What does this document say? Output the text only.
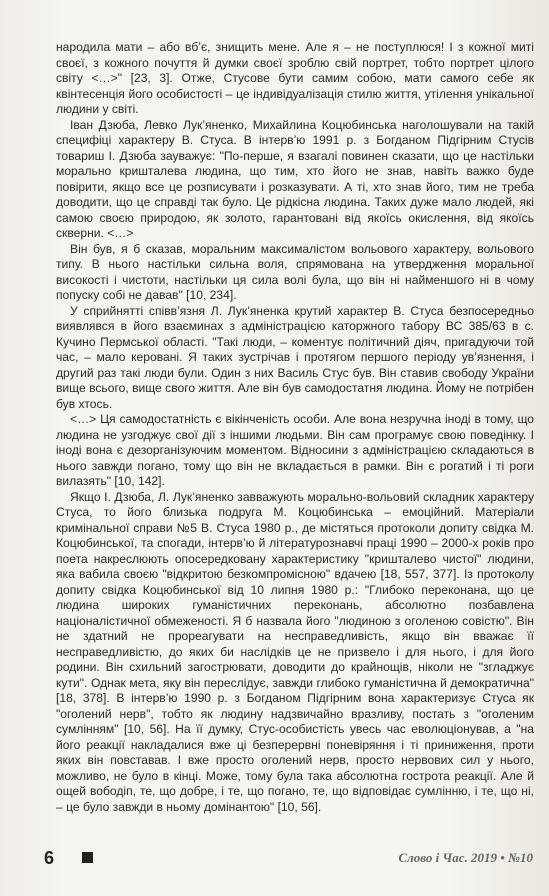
народила мати – або вб’є, знищить мене. Але я – не поступлюся! І з кожної миті своєї, з кожного почуття й думки своєї зроблю свій портрет, тобто портрет цілого світу <…>" [23, 3]. Отже, Стусове бути самим собою, мати самого себе як квінтесенція його особистості – це індивідуалізація стилю життя, утілення унікальної людини у світі.

Іван Дзюба, Левко Лук’яненко, Михайлина Коцюбинська наголошували на такій специфіці характеру В. Стуса. В інтерв’ю 1991 р. з Богданом Підгірним Стусів товариш І. Дзюба зауважує: "По-перше, я взагалі повинен сказати, що це настільки морально кришталева людина, що тим, хто його не знав, навіть важко буде повірити, якщо все це розписувати і розказувати. А ті, хто знав його, тим не треба доводити, що це справді так було. Це рідкісна людина. Таких дуже мало людей, які самою своєю природою, як золото, гарантовані від якоїсь окислення, від якоїсь скверни. <…>

Він був, я б сказав, моральним максималістом вольового характеру, вольового типу. В нього настільки сильна воля, спрямована на утвердження моральної високості і чистоти, настільки ця сила волі була, що він ні найменшого ні в чому попуску собі не давав" [10, 234].

У сприйнятті співв’язня Л. Лук’яненка крутий характер В. Стуса безпосередньо виявлявся в його взаєминах з адміністрацією каторжного табору ВС 385/63 в с. Кучино Пермської області. "Такі люди, – коментує політичний діяч, пригадуючи той час, – мало керовані. Я таких зустрічав і протягом першого періоду ув’язнення, і другий раз такі люди були. Один з них Василь Стус був. Він ставив свободу України вище всього, вище свого життя. Але він був самодостатня людина. Йому не потрібен був хтось.

<…> Ця самодостатність є вікінченість особи. Але вона незручна іноді в тому, що людина не узгоджує свої дії з іншими людьми. Він сам програмує свою поведінку. І іноді вона є дезорганізуючим моментом. Відносини з адміністрацією складаються в нього завжди погано, тому що він не вкладається в рамки. Він є рогатий і ті роги вилазять" [10, 142].

Якщо І. Дзюба, Л. Лук’яненко завважують морально-вольовий складник характеру Стуса, то його близька подруга М. Коцюбинська – емоційний. Матеріали кримінальної справи №5 В. Стуса 1980 р., де містяться протоколи допиту свідка М. Коцюбинської, та спогади, інтерв’ю й літературознавчі праці 1990 – 2000-х років про поета накреслюють опосередковану характеристику "кришталево чистої" людини, яка вабила своєю "відкритою безкомпромісною" вдачею [18, 557, 377]. Із протоколу допиту свідка Коцюбинської від 10 липня 1980 р.: "Глибоко переконана, що це людина широких гуманістичних переконань, абсолютно позбавлена націоналістичної обмеженості. Я б назвала його "людиною з оголеною совістю". Він не здатний не прореагувати на несправедливість, якщо він вважає її несправедливістю, до яких би наслідків це не призвело і для нього, і для його родини. Він схильний загострювати, доводити до крайнощів, ніколи не "згладжує кути". Однак мета, яку він переслідує, завжди глибоко гуманістична й демократична" [18, 378]. В інтерв’ю 1990 р. з Богданом Підгірним вона характеризує Стуса як "оголений нерв", тобто як людину надзвичайно вразливу, постать з "оголеним сумлінням" [10, 56]. На її думку, Стус-особистість увесь час еволюціонував, а "на його реакції накладалися вже ці безперервні поневіряння і ті приниження, проти яких він повставав. І вже просто оголений нерв, просто нервових сил у нього, можливо, не було в кінці. Може, тому була така абсолютна гострота реакції. Але й ощей вободіп, те, що добре, і те, що погано, те, що відповідає сумлінню, і те, що ні, – це було завжди в ньому домінантою" [10, 56].

6	Слово і Час. 2019 • №10
